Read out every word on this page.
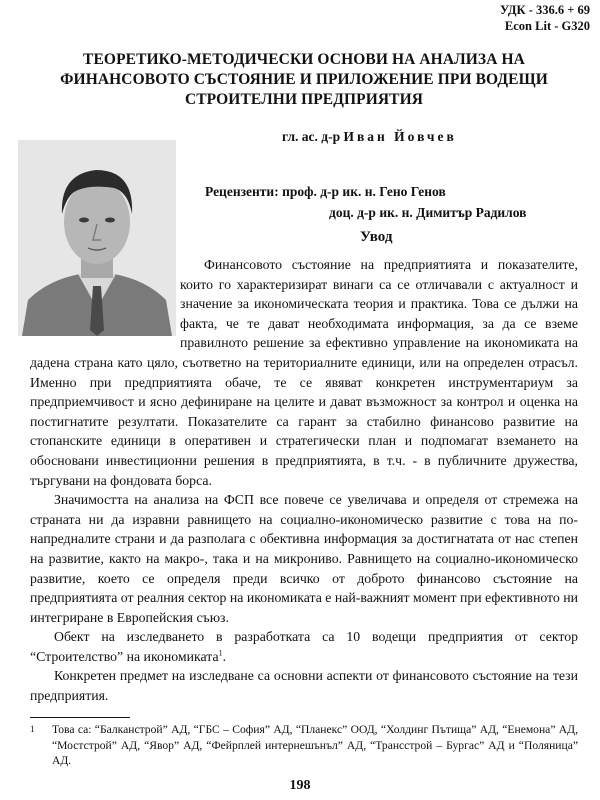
УДК - 336.6 + 69
Econ Lit - G320
ТЕОРЕТИКО-МЕТОДИЧЕСКИ ОСНОВИ НА АНАЛИЗА НА ФИНАНСОВОТО СЪСТОЯНИЕ И ПРИЛОЖЕНИЕ ПРИ ВОДЕЩИ СТРОИТЕЛНИ ПРЕДПРИЯТИЯ
гл. ас. д-р Иван Йовчев
Рецензенти: проф. д-р ик. н. Гено Генов
доц. д-р ик. н. Димитър Радилов
Увод

Финансовото състояние на предприятията и показателите, които го характеризират винаги са се отличавали с актуалност и значение за икономическата теория и практика. Това се дължи на факта, че те дават необходимата информация, за да се вземе правилното решение за ефективно управление на икономиката на дадена страна като цяло, съответно на териториалните единици, или на определен отрасъл. Именно при предприятията обаче, те се явяват конкретен инструментариум за предприемчивост и ясно дефиниране на целите и дават възможност за контрол и оценка на постигнатите резултати. Показателите са гарант за стабилно финансово развитие на стопанските единици в оперативен и стратегически план и подпомагат вземането на обосновани инвестиционни решения в предприятията, в т.ч. - в публичните дружества, търгувани на фондовата борса.

Значимостта на анализа на ФСП все повече се увеличава и определя от стремежа на страната ни да изравни равнището на социално-икономическо развитие с това на по-напредналите страни и да разполага с обективна информация за достигнатата от нас степен на развитие, както на макро-, така и на микрониво. Равнището на социално-икономическо развитие, което се определя преди всичко от доброто финансово състояние на предприятията от реалния сектор на икономиката е най-важният момент при ефективното ни интегриране в Европейския съюз.

Обект на изследването в разработката са 10 водещи предприятия от сектор “Строителство” на икономиката$^1$.

Конкретен предмет на изследване са основни аспекти от финансовото състояние на тези предприятия.

1	Това са: “Балканстрой” АД, “ГБС – София” АД, “Планекс” ООД, “Холдинг Пътища” АД, “Енемона” АД, “Мостстрой” АД, “Явор” АД, “Фейрплей интернешънъл” АД, “Трансстрой – Бургас” АД и “Поляница” АД.
198
